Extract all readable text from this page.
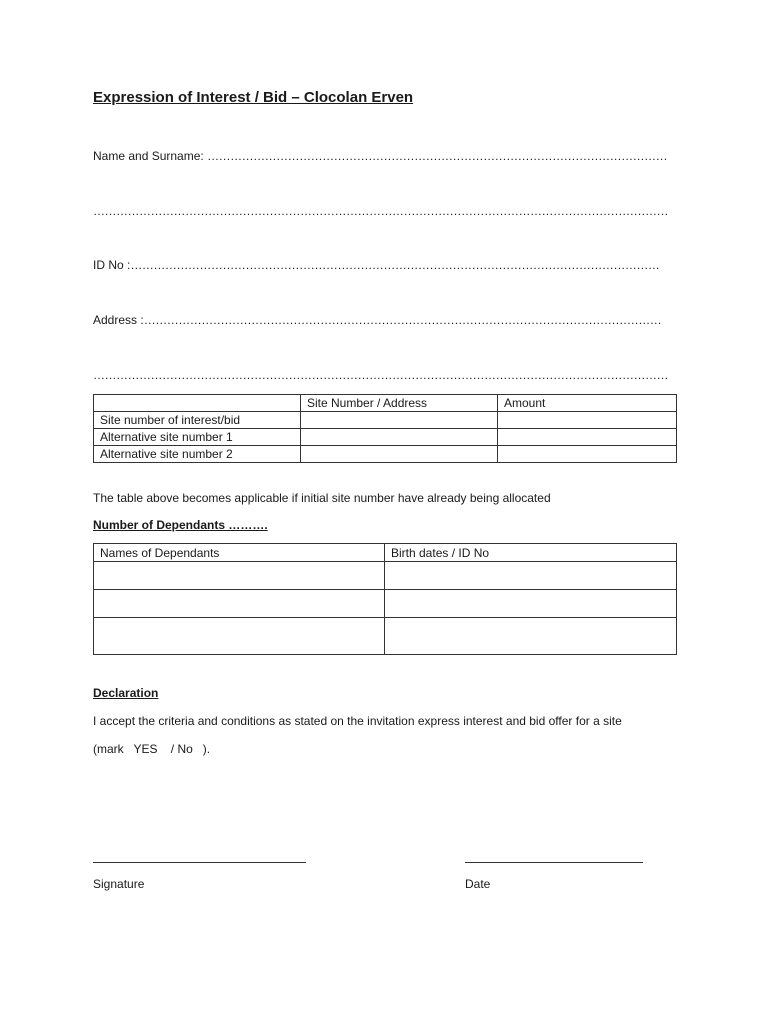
Expression of Interest / Bid – Clocolan Erven
Name and Surname: …………………………………………………………………………………………………………
……………………………………………………………………………………………………………………………………
ID No :…………………………………………………………………………………………………………………………
Address :………………………………………………………………………………………………………………………
……………………………………………………………………………………………………………………………………
	Site Number / Address	Amount
Site number of interest/bid		
Alternative site number 1		
Alternative site number 2		
The table above becomes applicable if initial site number have already being allocated
Number of Dependants ……….
Names of Dependants	Birth dates / ID No

Declaration
I accept the criteria and conditions as stated on the invitation express interest and bid offer for a site
(mark   YES    / No   ).
Signature	Date
